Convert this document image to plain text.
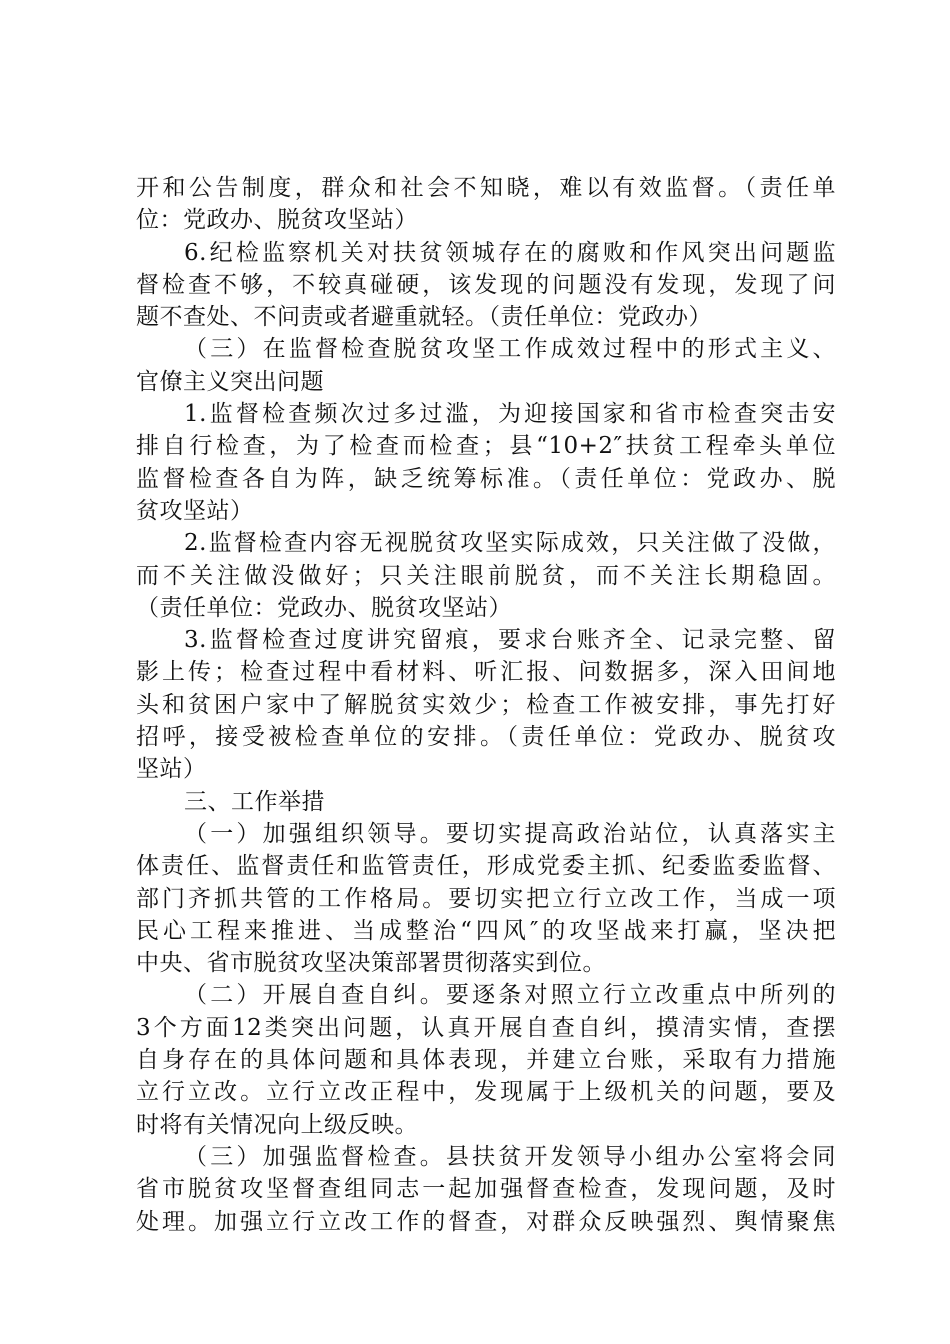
开和公告制度，群众和社会不知晓，难以有效监督。（责任单
位：党政办、脱贫攻坚站）
6.纪检监察机关对扶贫领城存在的腐败和作风突出问题监
督检查不够，不较真碰硬，该发现的问题没有发现，发现了问
题不查处、不问责或者避重就轻。（责任单位：党政办）
（三）在监督检查脱贫攻坚工作成效过程中的形式主义、
官僚主义突出问题
1.监督检查频次过多过滥，为迎接国家和省市检查突击安
排自行检查，为了检查而检查；县“10+2″扶贫工程牵头单位
监督检查各自为阵，缺乏统筹标准。（责任单位：党政办、脱
贫攻坚站）
2.监督检查内容无视脱贫攻坚实际成效，只关注做了没做，
而不关注做没做好；只关注眼前脱贫，而不关注长期稳固。
（责任单位：党政办、脱贫攻坚站）
3.监督检查过度讲究留痕，要求台账齐全、记录完整、留
影上传；检查过程中看材料、听汇报、问数据多，深入田间地
头和贫困户家中了解脱贫实效少；检查工作被安排，事先打好
招呼，接受被检查单位的安排。（责任单位：党政办、脱贫攻
坚站）
三、工作举措
（一）加强组织领导。要切实提高政治站位，认真落实主
体责任、监督责任和监管责任，形成党委主抓、纪委监委监督、
部门齐抓共管的工作格局。要切实把立行立改工作，当成一项
民心工程来推进、当成整治“四风″的攻坚战来打赢，坚决把
中央、省市脱贫攻坚决策部署贯彻落实到位。
（二）开展自查自纠。要逐条对照立行立改重点中所列的
3个方面12类突出问题，认真开展自查自纠，摸清实情，查摆
自身存在的具体问题和具体表现，并建立台账，采取有力措施
立行立改。立行立改正程中，发现属于上级机关的问题，要及
时将有关情况向上级反映。
（三）加强监督检查。县扶贫开发领导小组办公室将会同
省市脱贫攻坚督查组同志一起加强督查检查，发现问题，及时
处理。加强立行立改工作的督查，对群众反映强烈、舆情聚焦
